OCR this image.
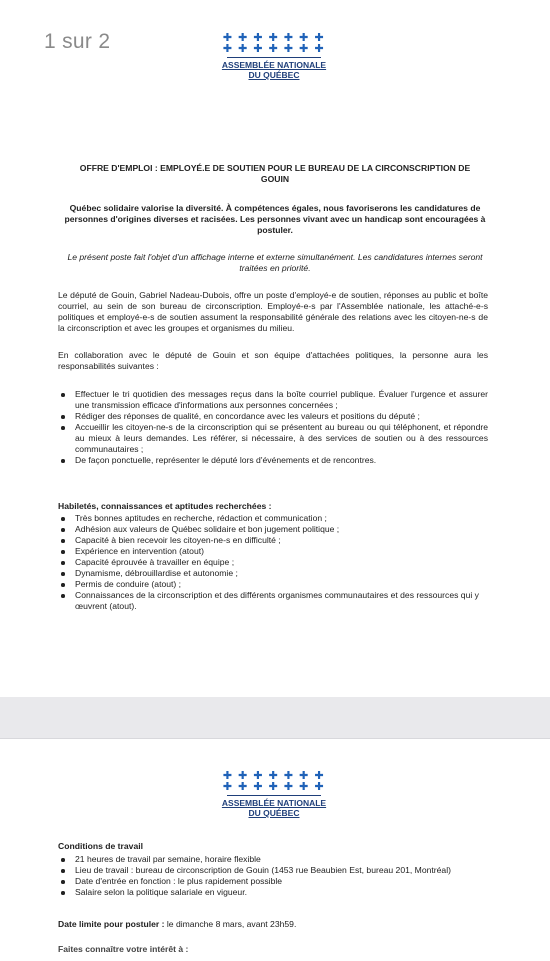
1 sur 2	✚ ✚ ✚ ✚ ✚ ✚ ✚
✚ ✚ ✚ ✚ ✚ ✚ ✚
ASSEMBLÉE NATIONALE
DU QUÉBEC
OFFRE D'EMPLOI : EMPLOYÉ.E DE SOUTIEN POUR LE BUREAU DE LA CIRCONSCRIPTION DE GOUIN
Québec solidaire valorise la diversité. À compétences égales, nous favoriserons les candidatures de personnes d'origines diverses et racisées. Les personnes vivant avec un handicap sont encouragées à postuler.
Le présent poste fait l'objet d'un affichage interne et externe simultanément. Les candidatures internes seront traitées en priorité.
Le député de Gouin, Gabriel Nadeau-Dubois, offre un poste d'employé-e de soutien, réponses au public et boîte courriel, au sein de son bureau de circonscription. Employé-e-s par l'Assemblée nationale, les attaché-e-s politiques et employé-e-s de soutien assument la responsabilité générale des relations avec les citoyen-ne-s de la circonscription et avec les groupes et organismes du milieu.
En collaboration avec le député de Gouin et son équipe d'attachées politiques, la personne aura les responsabilités suivantes :
Effectuer le tri quotidien des messages reçus dans la boîte courriel publique. Évaluer l'urgence et assurer une transmission efficace d'informations aux personnes concernées ;
Rédiger des réponses de qualité, en concordance avec les valeurs et positions du député ;
Accueillir les citoyen-ne-s de la circonscription qui se présentent au bureau ou qui téléphonent, et répondre au mieux à leurs demandes. Les référer, si nécessaire, à des services de soutien ou à des ressources communautaires ;
De façon ponctuelle, représenter le député lors d'événements et de rencontres.
Habiletés, connaissances et aptitudes recherchées :
Très bonnes aptitudes en recherche, rédaction et communication ;
Adhésion aux valeurs de Québec solidaire et bon jugement politique ;
Capacité à bien recevoir les citoyen-ne-s en difficulté ;
Expérience en intervention (atout)
Capacité éprouvée à travailler en équipe ;
Dynamisme, débrouillardise et autonomie ;
Permis de conduire (atout) ;
Connaissances de la circonscription et des différents organismes communautaires et des ressources qui y œuvrent (atout).
✚ ✚ ✚ ✚ ✚ ✚ ✚
✚ ✚ ✚ ✚ ✚ ✚ ✚
ASSEMBLÉE NATIONALE
DU QUÉBEC
Conditions de travail
21 heures de travail par semaine, horaire flexible
Lieu de travail : bureau de circonscription de Gouin (1453 rue Beaubien Est, bureau 201, Montréal)
Date d'entrée en fonction : le plus rapidement possible
Salaire selon la politique salariale en vigueur.
Date limite pour postuler : le dimanche 8 mars, avant 23h59.
Faites connaître votre intérêt à :
